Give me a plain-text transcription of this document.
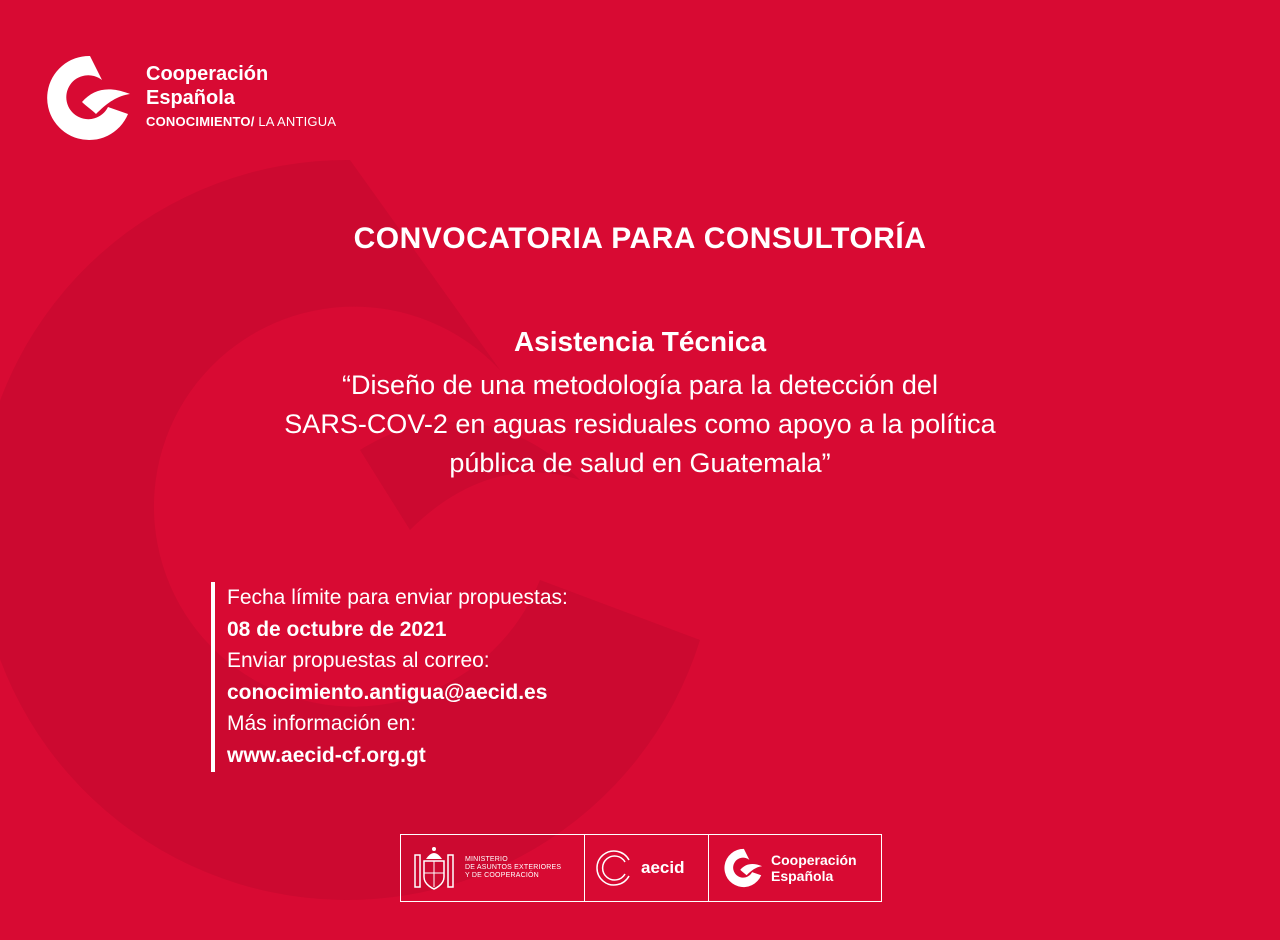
Cooperación
Española
CONOCIMIENTO/ LA ANTIGUA
CONVOCATORIA PARA CONSULTORÍA
Asistencia Técnica
“Diseño de una metodología para la detección del
SARS-COV-2 en aguas residuales como apoyo a la política
pública de salud en Guatemala”
Fecha límite para enviar propuestas:
08 de octubre de 2021
Enviar propuestas al correo:
conocimiento.antigua@aecid.es
Más información en:
www.aecid-cf.org.gt
MINISTERIO
DE ASUNTOS EXTERIORES
Y DE COOPERACIÓN	aecid	Cooperación
Española
